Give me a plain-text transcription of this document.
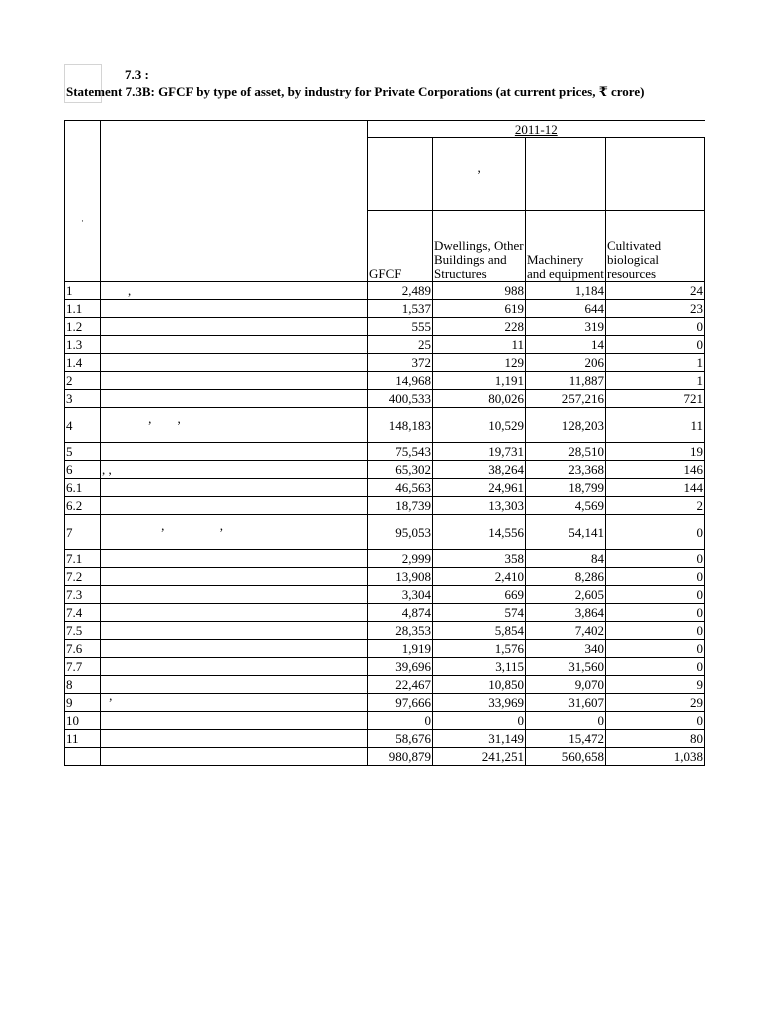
7.3 :
Statement 7.3B: GFCF by type of asset, by industry for Private Corporations (at current prices, ₹ crore)
·		2011-12			
			’		
		GFCF	Dwellings, Other Buildings and Structures	Machinery and equipment	Cultivated biological resources
1	,	2,489	988	1,184	24
1.1		1,537	619	644	23
1.2		555	228	319	0
1.3		25	11	14	0
1.4		372	129	206	1
2		14,968	1,191	11,887	1
3		400,533	80,026	257,216	721
4	’        ’	148,183	10,529	128,203	11
5		75,543	19,731	28,510	19
6	, ,	65,302	38,264	23,368	146
6.1		46,563	24,961	18,799	144
6.2		18,739	13,303	4,569	2
7	’                 ’	95,053	14,556	54,141	0
7.1		2,999	358	84	0
7.2		13,908	2,410	8,286	0
7.3		3,304	669	2,605	0
7.4		4,874	574	3,864	0
7.5		28,353	5,854	7,402	0
7.6		1,919	1,576	340	0
7.7		39,696	3,115	31,560	0
8		22,467	10,850	9,070	9
9	’	97,666	33,969	31,607	29
10		0	0	0	0
11		58,676	31,149	15,472	80
		980,879	241,251	560,658	1,038
